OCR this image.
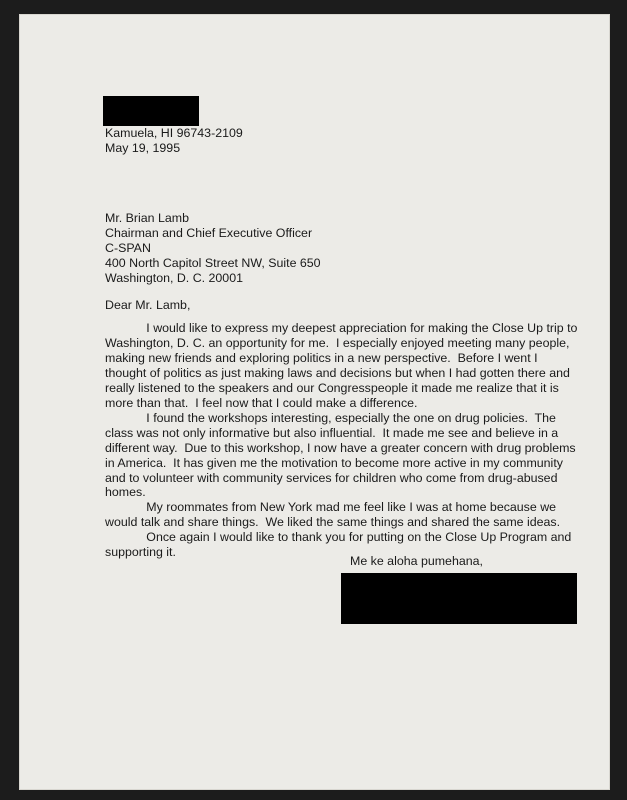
Kamuela, HI 96743-2109
May 19, 1995
Mr. Brian Lamb
Chairman and Chief Executive Officer
C-SPAN
400 North Capitol Street NW, Suite 650
Washington, D. C. 20001
Dear Mr. Lamb,
I would like to express my deepest appreciation for making the Close Up trip to
Washington, D. C. an opportunity for me.  I especially enjoyed meeting many people,
making new friends and exploring politics in a new perspective.  Before I went I
thought of politics as just making laws and decisions but when I had gotten there and
really listened to the speakers and our Congresspeople it made me realize that it is
more than that.  I feel now that I could make a difference.
I found the workshops interesting, especially the one on drug policies.  The
class was not only informative but also influential.  It made me see and believe in a
different way.  Due to this workshop, I now have a greater concern with drug problems
in America.  It has given me the motivation to become more active in my community
and to volunteer with community services for children who come from drug-abused
homes.
My roommates from New York mad me feel like I was at home because we
would talk and share things.  We liked the same things and shared the same ideas.
Once again I would like to thank you for putting on the Close Up Program and
supporting it.
Me ke aloha pumehana,
